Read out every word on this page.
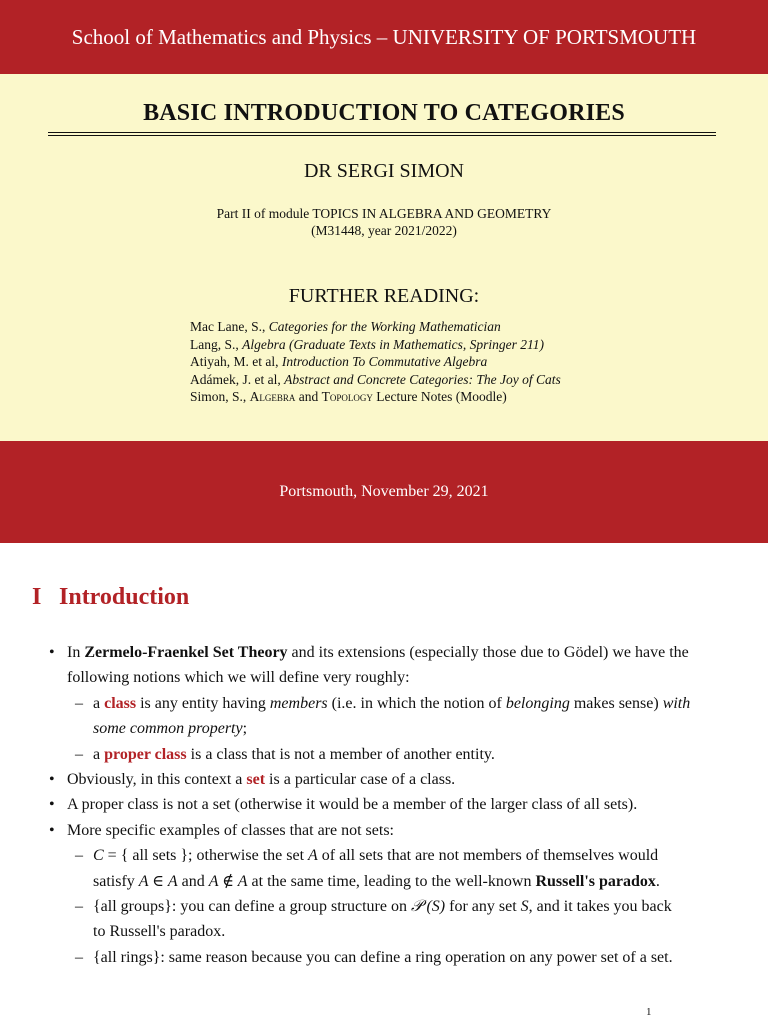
School of Mathematics and Physics – UNIVERSITY OF PORTSMOUTH
BASIC INTRODUCTION TO CATEGORIES
DR SERGI SIMON
Part II of module TOPICS IN ALGEBRA AND GEOMETRY
(M31448, year 2021/2022)
FURTHER READING:
Mac Lane, S., Categories for the Working Mathematician
Lang, S., Algebra (Graduate Texts in Mathematics, Springer 211)
Atiyah, M. et al, Introduction To Commutative Algebra
Adámek, J. et al, Abstract and Concrete Categories: The Joy of Cats
Simon, S., Algebra and Topology Lecture Notes (Moodle)
Portsmouth, November 29, 2021
I Introduction
• In Zermelo-Fraenkel Set Theory and its extensions (especially those due to Gödel) we have the
following notions which we will define very roughly:
– a class is any entity having members (i.e. in which the notion of belonging makes sense) with
some common property;
– a proper class is a class that is not a member of another entity.
• Obviously, in this context a set is a particular case of a class.
• A proper class is not a set (otherwise it would be a member of the larger class of all sets).
• More specific examples of classes that are not sets:
– C = { all sets }; otherwise the set A of all sets that are not members of themselves would
satisfy A ∈ A and A ∉ A at the same time, leading to the well-known Russell's paradox.
– {all groups}: you can define a group structure on 𝒫 (S) for any set S, and it takes you back
to Russell's paradox.
– {all rings}: same reason because you can define a ring operation on any power set of a set.
1
